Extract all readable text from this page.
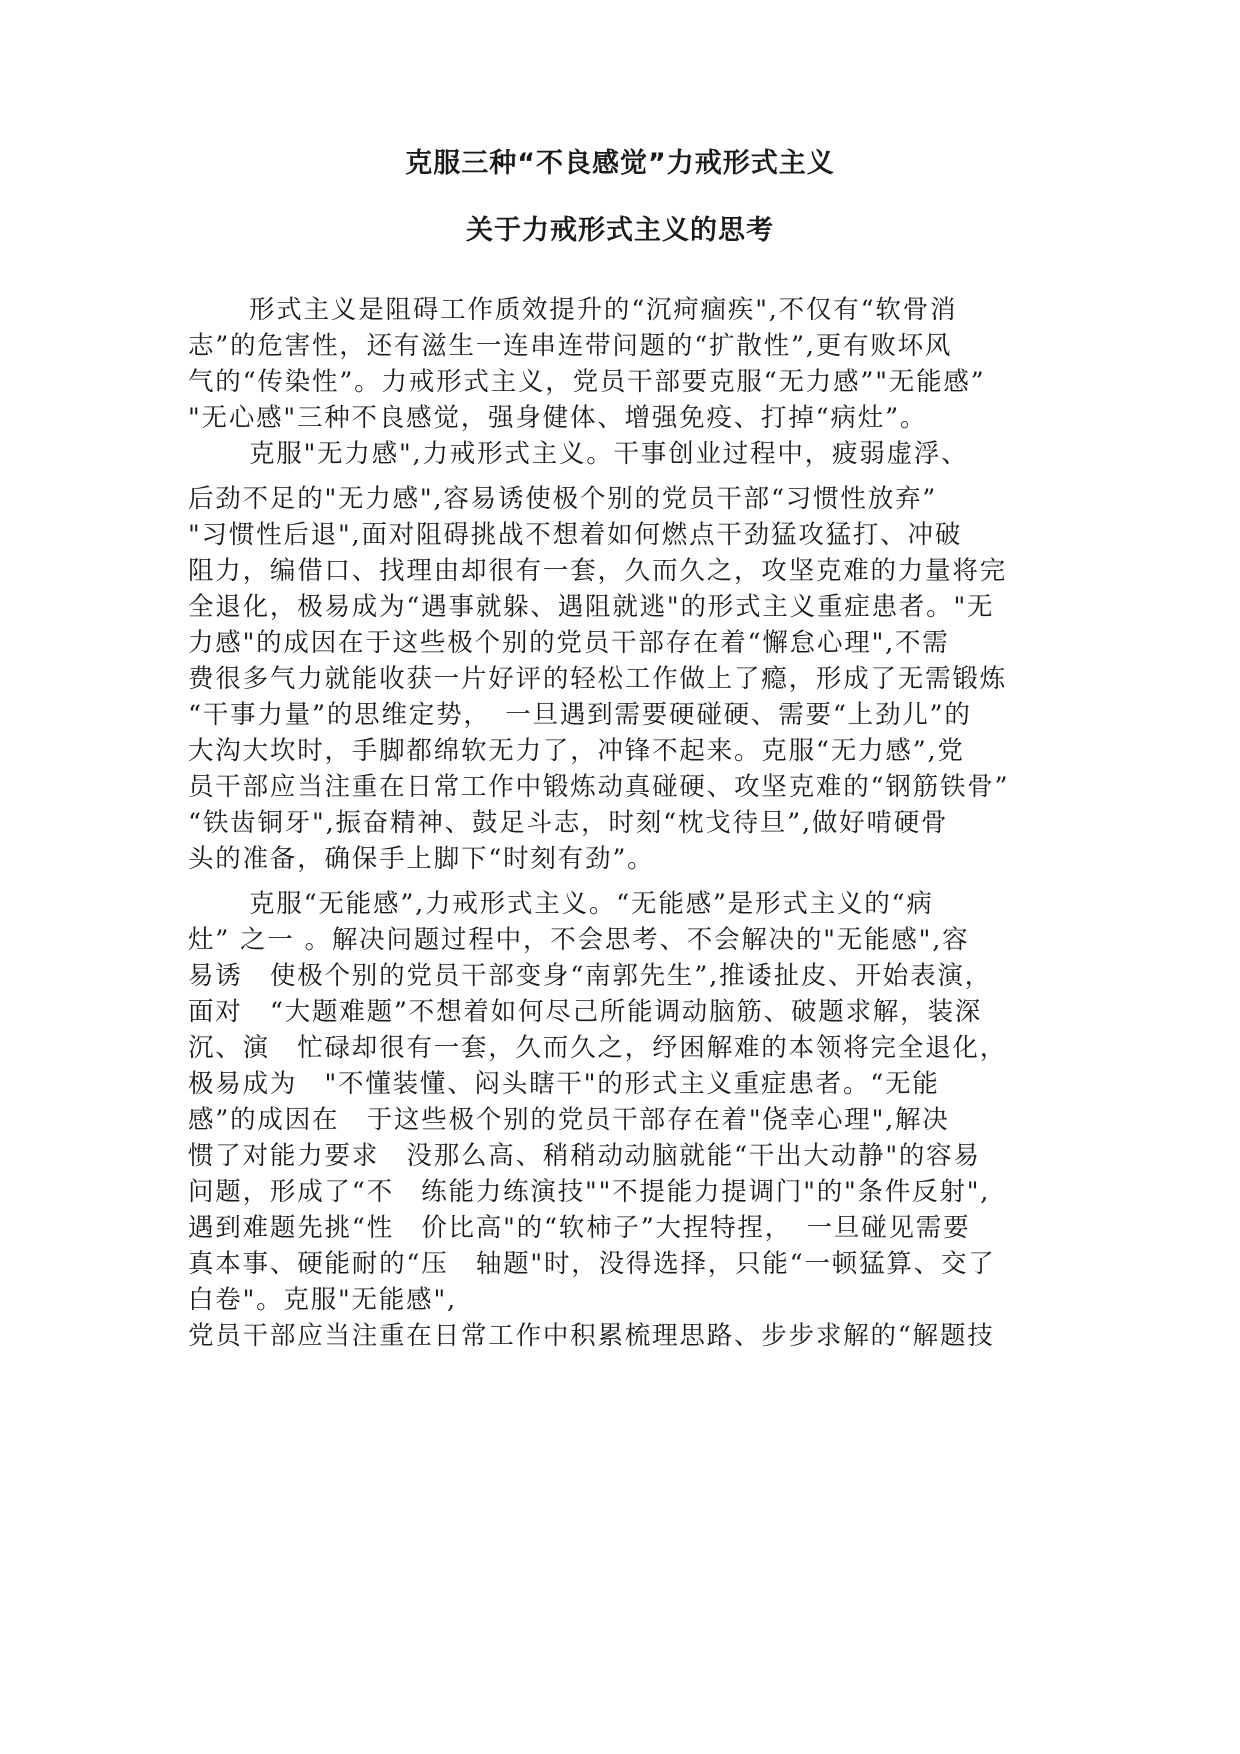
克服三种“不良感觉”力戒形式主义
关于力戒形式主义的思考

形式主义是阻碍工作质效提升的“沉疴痼疾",不仅有“软骨消

志”的危害性，还有滋生一连串连带问题的“扩散性”,更有败坏风

气的“传染性”。力戒形式主义，党员干部要克服“无力感”"无能感”

"无心感"三种不良感觉，强身健体、增强免疫、打掉“病灶”。

克服"无力感",力戒形式主义。干事创业过程中，疲弱虚浮、

后劲不足的"无力感",容易诱使极个别的党员干部“习惯性放弃”

"习惯性后退",面对阻碍挑战不想着如何燃点干劲猛攻猛打、冲破

阻力，编借口、找理由却很有一套，久而久之，攻坚克难的力量将完

全退化，极易成为“遇事就躲、遇阻就逃"的形式主义重症患者。"无

力感"的成因在于这些极个别的党员干部存在着“懈怠心理",不需

费很多气力就能收获一片好评的轻松工作做上了瘾，形成了无需锻炼

“干事力量”的思维定势，　一旦遇到需要硬碰硬、需要“上劲儿”的

大沟大坎时，手脚都绵软无力了，冲锋不起来。克服“无力感”,党

员干部应当注重在日常工作中锻炼动真碰硬、攻坚克难的“钢筋铁骨”

“铁齿铜牙",振奋精神、鼓足斗志，时刻“枕戈待旦”,做好啃硬骨

头的准备，确保手上脚下“时刻有劲”。

克服“无能感”,力戒形式主义。“无能感”是形式主义的“病

灶” 之一 。解决问题过程中，不会思考、不会解决的"无能感",容

易诱　使极个别的党员干部变身“南郭先生”,推诿扯皮、开始表演，

面对　“大题难题”不想着如何尽己所能调动脑筋、破题求解，装深

沉、演　忙碌却很有一套，久而久之，纾困解难的本领将完全退化，

极易成为　"不懂装懂、闷头瞎干"的形式主义重症患者。“无能

感”的成因在　于这些极个别的党员干部存在着"侥幸心理",解决

惯了对能力要求　没那么高、稍稍动动脑就能“干出大动静"的容易

问题，形成了“不　练能力练演技""不提能力提调门"的"条件反射",

遇到难题先挑“性　价比高"的“软柿子”大捏特捏，　一旦碰见需要

真本事、硬能耐的“压　轴题"时，没得选择，只能“一顿猛算、交了

白卷"。克服"无能感",

党员干部应当注重在日常工作中积累梳理思路、步步求解的“解题技
